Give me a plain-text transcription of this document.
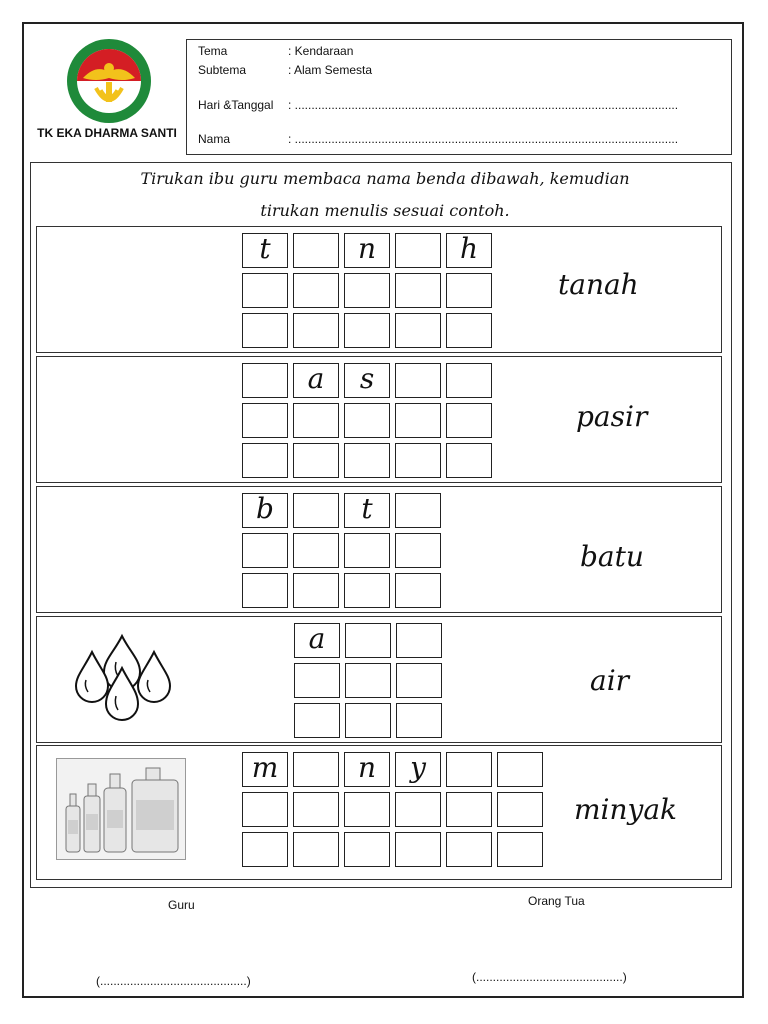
TK EKA DHARMA SANTI
Tema	: Kendaraan
Subtema	: Alam Semesta
Hari &Tanggal : ...................................................................................................................
Nama	: ...................................................................................................................
Tirukan ibu guru membaca nama benda dibawah, kemudian
tirukan menulis sesuai contoh.
Guru	Orang Tua
(............................................)	(............................................)
t	n	h
tanah
a	s
pasir
b	t
batu
a
air
m	n	y
minyak
